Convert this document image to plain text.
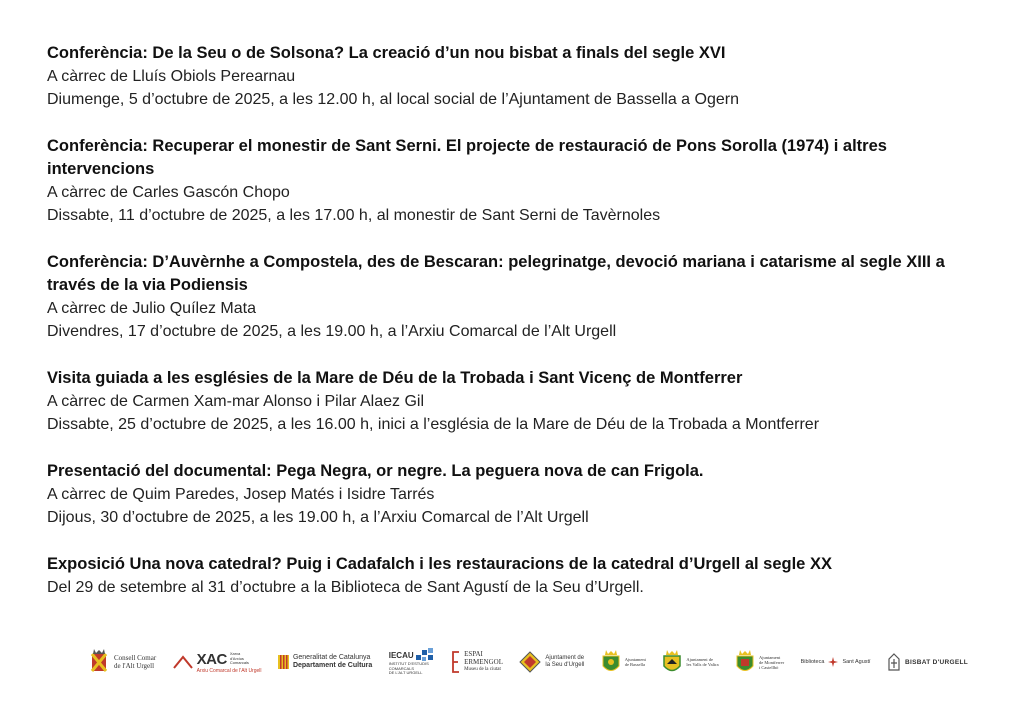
Conferència: De la Seu o de Solsona? La creació d’un nou bisbat a finals del segle XVI
A càrrec de Lluís Obiols Perearnau
Diumenge, 5 d’octubre de 2025, a les 12.00 h, al local social de l’Ajuntament de Bassella a Ogern
Conferència: Recuperar el monestir de Sant Serni. El projecte de restauració de Pons Sorolla (1974) i altres intervencions
A càrrec de Carles Gascón Chopo
Dissabte, 11 d’octubre de 2025, a les 17.00 h, al monestir de Sant Serni de Tavèrnoles
Conferència: D’Auvèrnhe a Compostela, des de Bescaran: pelegrinatge, devoció mariana i catarisme al segle XIII a través de la via Podiensis
A càrrec de Julio Quílez Mata
Divendres, 17 d’octubre de 2025, a les 19.00 h, a l’Arxiu Comarcal de l’Alt Urgell
Visita guiada a les esglésies de la Mare de Déu de la Trobada i Sant Vicenç de Montferrer
A càrrec de Carmen Xam-mar Alonso i Pilar Alaez Gil
Dissabte, 25 d’octubre de 2025, a les 16.00 h, inici a l’església de la Mare de Déu de la Trobada a Montferrer
Presentació del documental: Pega Negra, or negre. La peguera nova de can Frigola.
A càrrec de Quim Paredes, Josep Matés i Isidre Tarrés
Dijous, 30 d’octubre de 2025, a les 19.00 h, a l’Arxiu Comarcal de l’Alt Urgell
Exposició Una nova catedral? Puig i Cadafalch i les restauracions de la catedral d’Urgell al segle XX
Del 29 de setembre al 31 d’octubre a la Biblioteca de Sant Agustí de la Seu d’Urgell.
Consell Comar
de l'Alt Urgell	XAC Xarxa
d'Arxius
Comarcals
Arxiu Comarcal de l'Alt Urgell
Generalitat de Catalunya
Departament de Cultura
IECAU
INSTITUT D'ESTUDIS
COMARCALS
DE L'ALT URGELL
ESPAI
ERMENGOL
Museu de la ciutat
Ajuntament de
la Seu d'Urgell
Ajuntament
de Bassella
Ajuntament de
les Valls de Valira
Ajuntament
de Montferrer
i Castellbò
Biblioteca	Sant Agustí	BISBAT D'URGELL
